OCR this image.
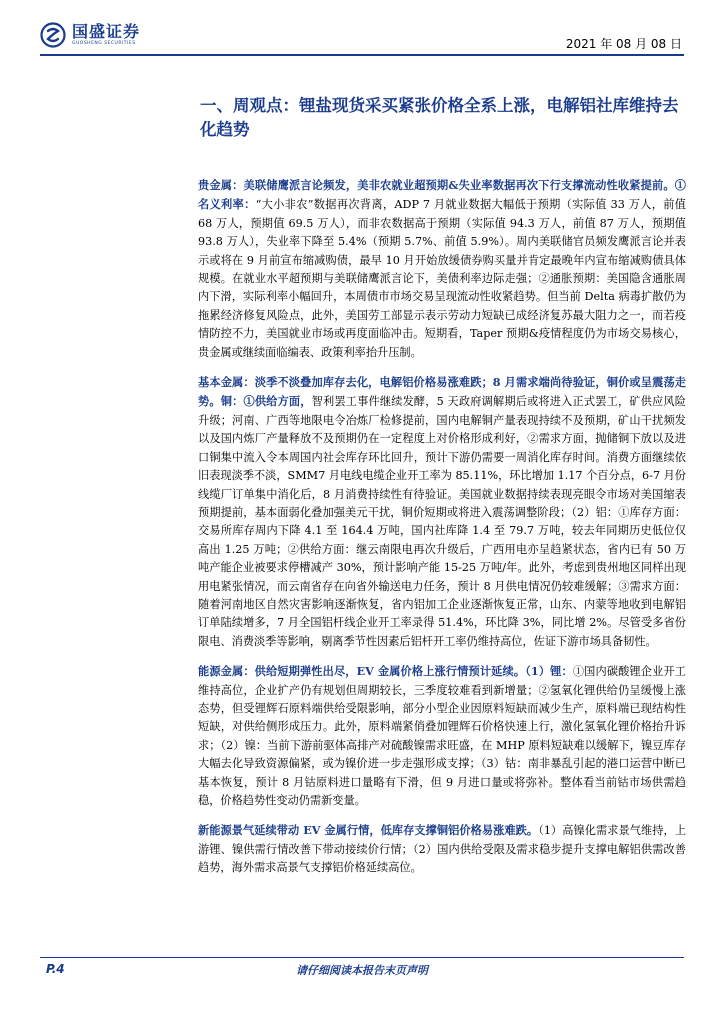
国盛证券
GUOSHENG SECURITIES	2021 年 08 月 08 日
一、周观点：锂盐现货采买紧张价格全系上涨，电解铝社库维持去化趋势

贵金属：美联储鹰派言论频发，美非农就业超预期&失业率数据再次下行支撑流动性收紧提前。①名义利率：“大小非农”数据再次背离，ADP 7 月就业数据大幅低于预期（实际值 33 万人，前值 68 万人，预期值 69.5 万人），而非农数据高于预期（实际值 94.3 万人，前值 87 万人，预期值 93.8 万人），失业率下降至 5.4%（预期 5.7%、前值 5.9%）。周内美联储官员频发鹰派言论并表示或将在 9 月前宣布缩减购债，最早 10 月开始放缓债券购买量并肯定最晚年内宣布缩减购债具体规模。在就业水平超预期与美联储鹰派言论下，美债利率边际走强；②通胀预期：美国隐含通胀周内下滑，实际利率小幅回升，本周债市市场交易呈现流动性收紧趋势。但当前 Delta 病毒扩散仍为拖累经济修复风险点，此外，美国劳工部显示表示劳动力短缺已成经济复苏最大阻力之一，而若疫情防控不力，美国就业市场或再度面临冲击。短期看，Taper 预期&疫情程度仍为市场交易核心，贵金属或继续面临编表、政策利率抬升压制。

基本金属：淡季不淡叠加库存去化，电解铝价格易涨难跌；8 月需求端尚待验证，铜价或呈震荡走势。铜：①供给方面，智利罢工事件继续发酵，5 天政府调解期后或将进入正式罢工，矿供应风险升级；河南、广西等地限电令冶炼厂检修提前，国内电解铜产量表现持续不及预期，矿山干扰频发以及国内炼厂产量释放不及预期仍在一定程度上对价格形成利好，②需求方面，抛储铜下放以及进口铜集中流入令本周国内社会库存环比回升，预计下游仍需要一周消化库存时间。消费方面继续依旧表现淡季不淡，SMM7 月电线电缆企业开工率为 85.11%，环比增加 1.17 个百分点，6-7 月份线缆厂订单集中消化后，8 月消费持续性有待验证。美国就业数据持续表现亮眼令市场对美国缩表预期提前，基本面弱化叠加强美元干扰，铜价短期或将进入震荡调整阶段；（2）铝：①库存方面：交易所库存周内下降 4.1 至 164.4 万吨，国内社库降 1.4 至 79.7 万吨，较去年同期历史低位仅高出 1.25 万吨；②供给方面：继云南限电再次升级后，广西用电亦呈趋紧状态，省内已有 50 万吨产能企业被要求停槽减产 30%，预计影响产能 15-25 万吨/年。此外，考虑到贵州地区同样出现用电紧张情况，而云南省存在向省外输送电力任务，预计 8 月供电情况仍较难缓解；③需求方面：随着河南地区自然灾害影响逐渐恢复，省内铝加工企业逐渐恢复正常，山东、内蒙等地收到电解铝订单陆续增多，7 月全国铝杆线企业开工率录得 51.4%，环比降 3%，同比增 2%。尽管受多省份限电、消费淡季等影响，剔离季节性因素后铝杆开工率仍维持高位，佐证下游市场具备韧性。

能源金属：供给短期弹性出尽，EV 金属价格上涨行情预计延续。（1）锂：①国内碳酸锂企业开工维持高位，企业扩产仍有规划但周期较长，三季度较难看到新增量；②氢氧化锂供给仍呈缓慢上涨态势，但受锂辉石原料端供给受限影响，部分小型企业因原料短缺而减少生产，原料端已现结构性短缺，对供给侧形成压力。此外，原料端紧俏叠加锂辉石价格快速上行，激化氢氧化锂价格抬升诉求；（2）镍：当前下游前驱体高排产对硫酸镍需求旺盛，在 MHP 原料短缺难以缓解下，镍豆库存大幅去化导致资源偏紧，或为镍价进一步走强形成支撑；（3）钴：南非暴乱引起的港口运营中断已基本恢复，预计 8 月钴原料进口量略有下滑，但 9 月进口量或将弥补。整体看当前钴市场供需趋稳，价格趋势性变动仍需新变量。

新能源景气延续带动 EV 金属行情，低库存支撑铜铝价格易涨难跌。（1）高镍化需求景气维持，上游锂、镍供需行情改善下带动接续价行情；（2）国内供给受限及需求稳步提升支撑电解铝供需改善趋势，海外需求高景气支撑铝价格延续高位。

P.4	请仔细阅读本报告末页声明
